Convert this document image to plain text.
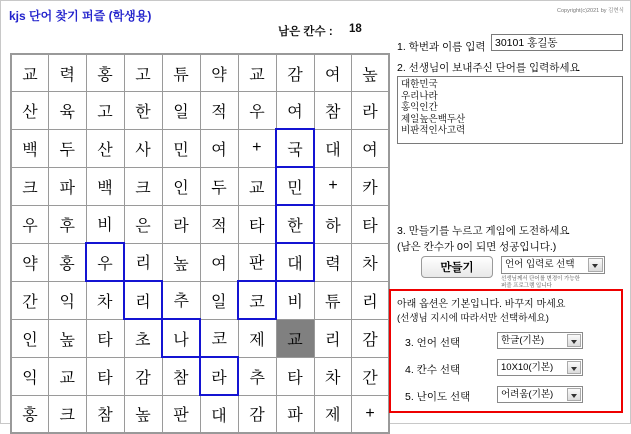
kjs 단어 찾기 퍼즐 (학생용)
남은 칸수 : 18
Copyright(c)2021 by 김현식
교	력	홍	고	튜	약	교	감	여	높
산	육	고	한	일	적	우	여	참	라
백	두	산	사	민	여	+	국	대	여
크	파	백	크	인	두	교	민	+	카
우	후	비	은	라	적	타	한	하	타
약	홍	우	리	높	여	판	대	력	차
간	익	차	리	추	일	코	비	튜	리
인	높	타	초	나	코	제	교	리	감
익	교	타	감	참	라	추	타	차	간
홍	크	참	높	판	대	감	파	제	+
1. 학번과 이름 입력
30101 홍길동
2. 선생님이 보내주신 단어를 입력하세요
대한민국 우리나라 홍익인간 제일높은백두산 비판적인사고력
3. 만들기를 누르고 게임에 도전하세요
(남은 칸수가 0이 되면 성공입니다.)
만들기	언어 입력로 선택
선생님께서 단어를 변경이 가능한
퍼즐 프로그램 입니다
아래 옵션은 기본입니다. 바꾸지 마세요
(선생님 지시에 따라서만 선택하세요)
3. 언어 선택	한글(기본)
4. 칸수 선택	10X10(기본)
5. 난이도 선택	어려움(기본)
